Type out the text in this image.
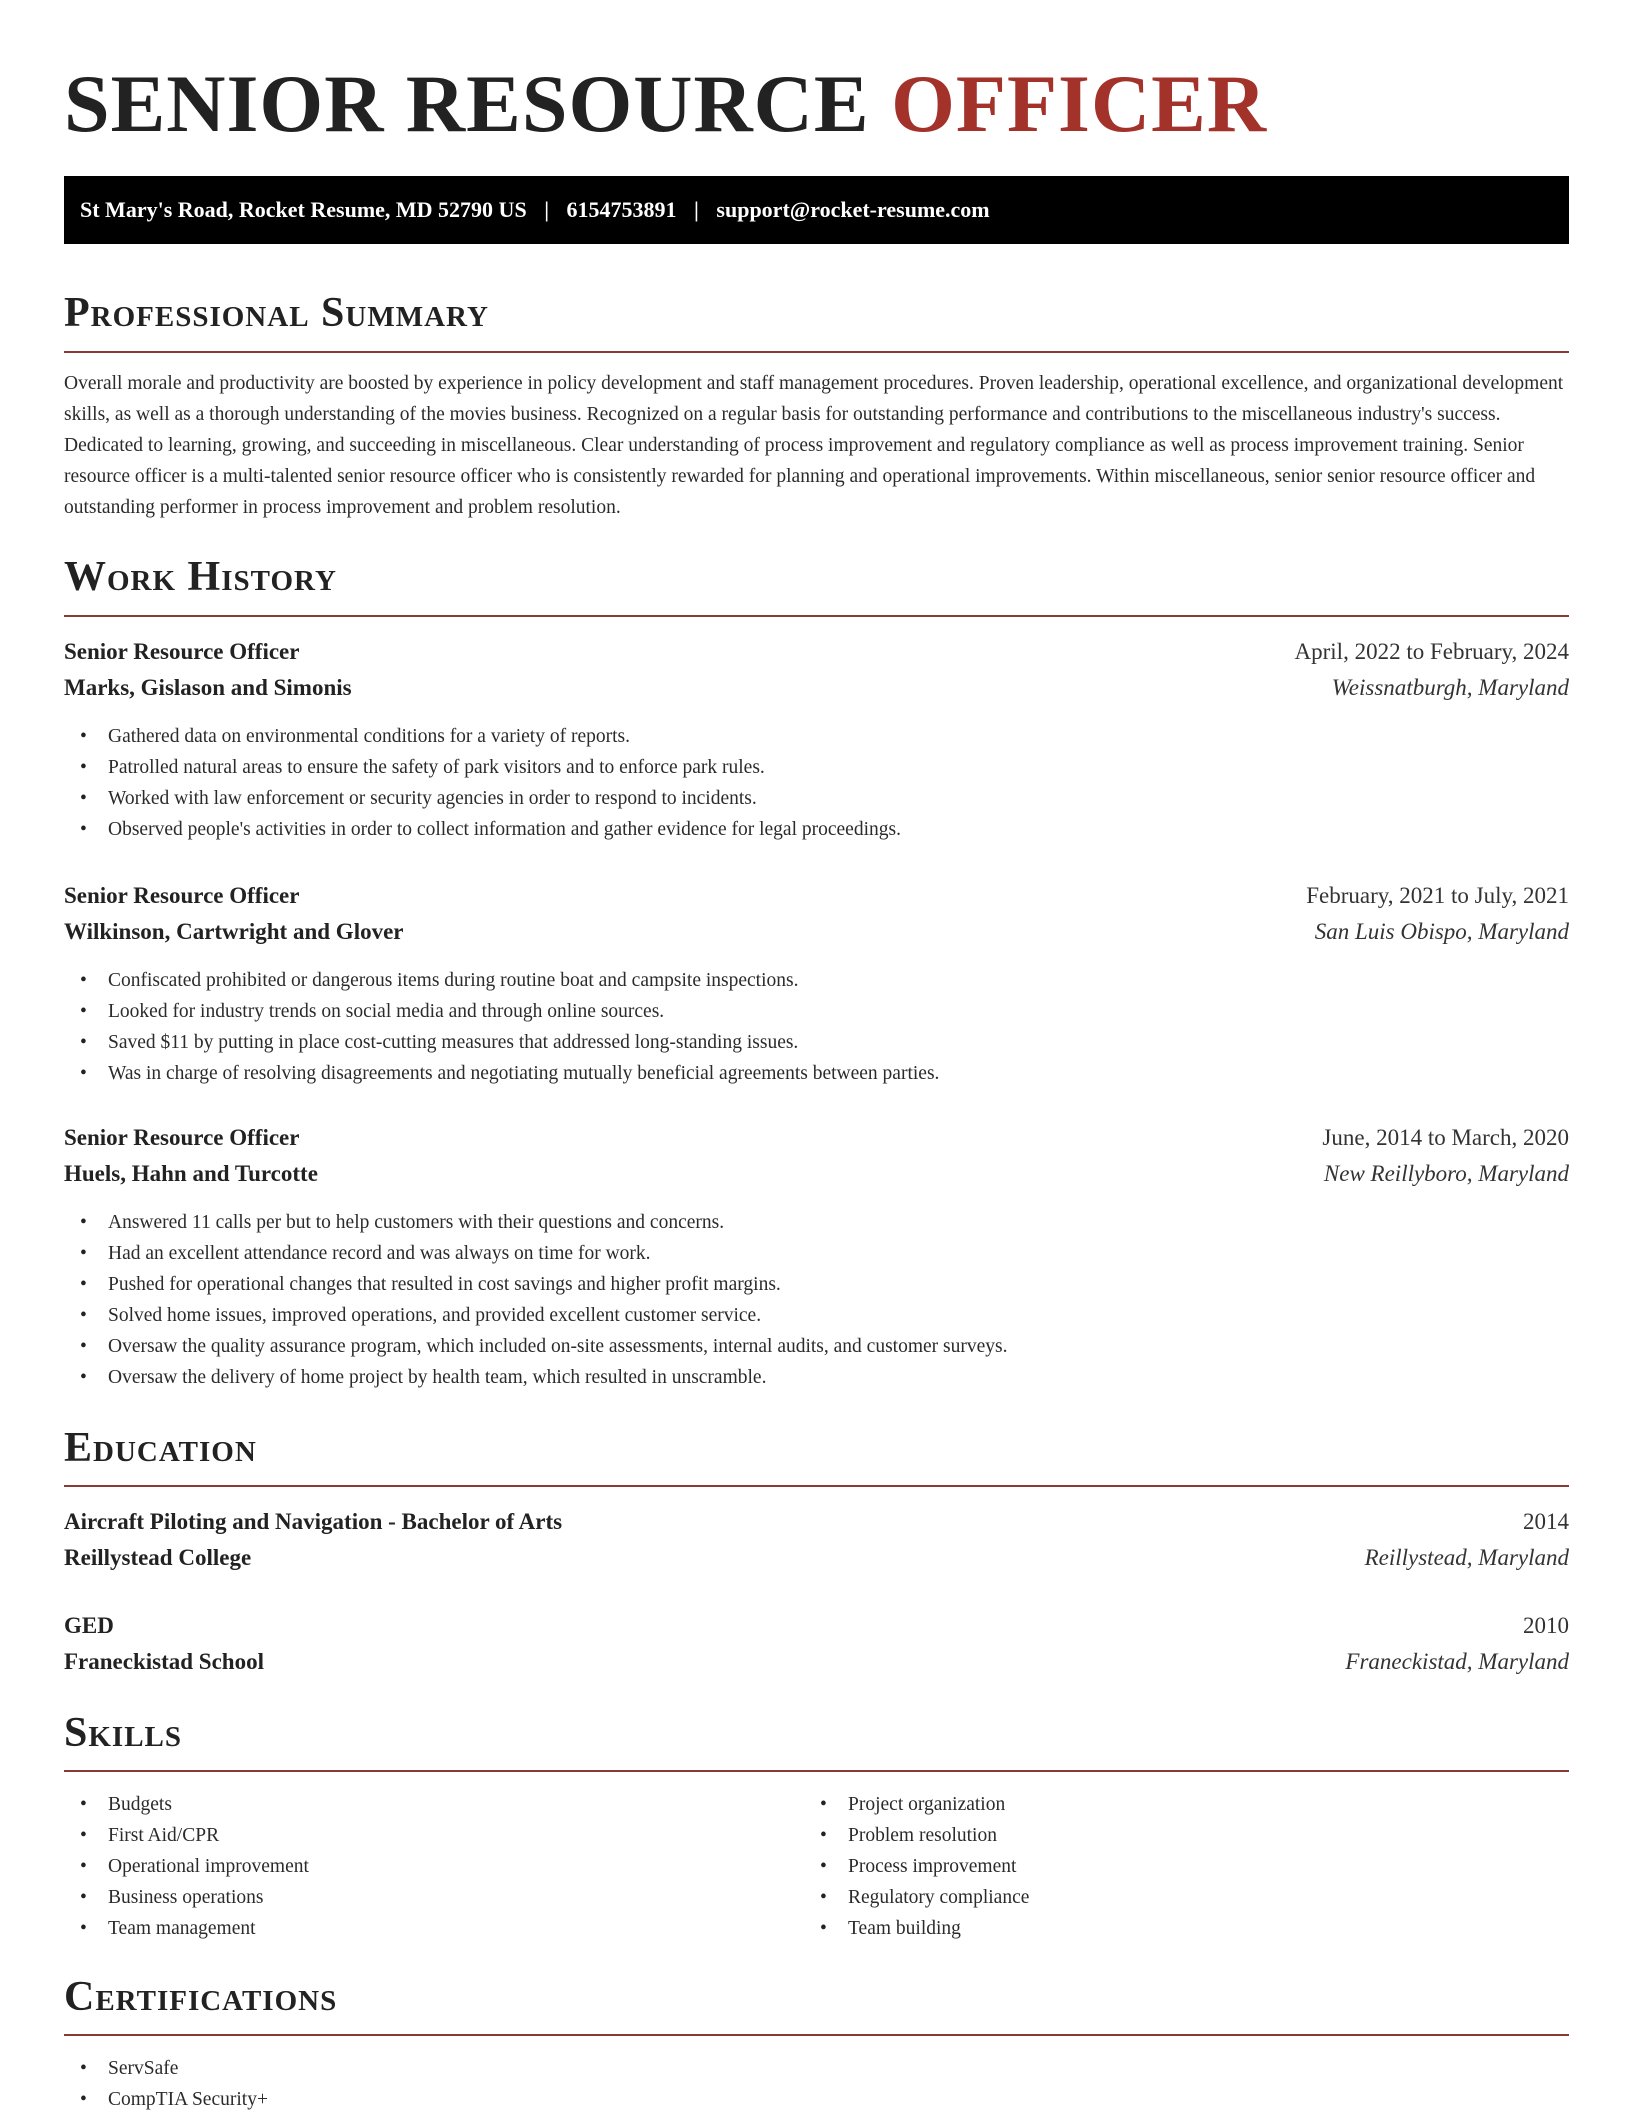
SENIOR RESOURCE OFFICER
St Mary's Road, Rocket Resume, MD 52790 US | 6154753891 | support@rocket-resume.com
Professional Summary
Overall morale and productivity are boosted by experience in policy development and staff management procedures. Proven leadership, operational excellence, and organizational development skills, as well as a thorough understanding of the movies business. Recognized on a regular basis for outstanding performance and contributions to the miscellaneous industry's success. Dedicated to learning, growing, and succeeding in miscellaneous. Clear understanding of process improvement and regulatory compliance as well as process improvement training. Senior resource officer is a multi-talented senior resource officer who is consistently rewarded for planning and operational improvements. Within miscellaneous, senior senior resource officer and outstanding performer in process improvement and problem resolution.
Work History
Senior Resource Officer	April, 2022 to February, 2024
Marks, Gislason and Simonis	Weissnatburgh, Maryland
• Gathered data on environmental conditions for a variety of reports.
• Patrolled natural areas to ensure the safety of park visitors and to enforce park rules.
• Worked with law enforcement or security agencies in order to respond to incidents.
• Observed people's activities in order to collect information and gather evidence for legal proceedings.
Senior Resource Officer	February, 2021 to July, 2021
Wilkinson, Cartwright and Glover	San Luis Obispo, Maryland
• Confiscated prohibited or dangerous items during routine boat and campsite inspections.
• Looked for industry trends on social media and through online sources.
• Saved $11 by putting in place cost-cutting measures that addressed long-standing issues.
• Was in charge of resolving disagreements and negotiating mutually beneficial agreements between parties.
Senior Resource Officer	June, 2014 to March, 2020
Huels, Hahn and Turcotte	New Reillyboro, Maryland
• Answered 11 calls per but to help customers with their questions and concerns.
• Had an excellent attendance record and was always on time for work.
• Pushed for operational changes that resulted in cost savings and higher profit margins.
• Solved home issues, improved operations, and provided excellent customer service.
• Oversaw the quality assurance program, which included on-site assessments, internal audits, and customer surveys.
• Oversaw the delivery of home project by health team, which resulted in unscramble.
Education
Aircraft Piloting and Navigation - Bachelor of Arts	2014
Reillystead College	Reillystead, Maryland
GED	2010
Franeckistad School	Franeckistad, Maryland
Skills
• Budgets
• First Aid/CPR
• Operational improvement
• Business operations
• Team management
• Project organization
• Problem resolution
• Process improvement
• Regulatory compliance
• Team building
Certifications
• ServSafe
• CompTIA Security+
